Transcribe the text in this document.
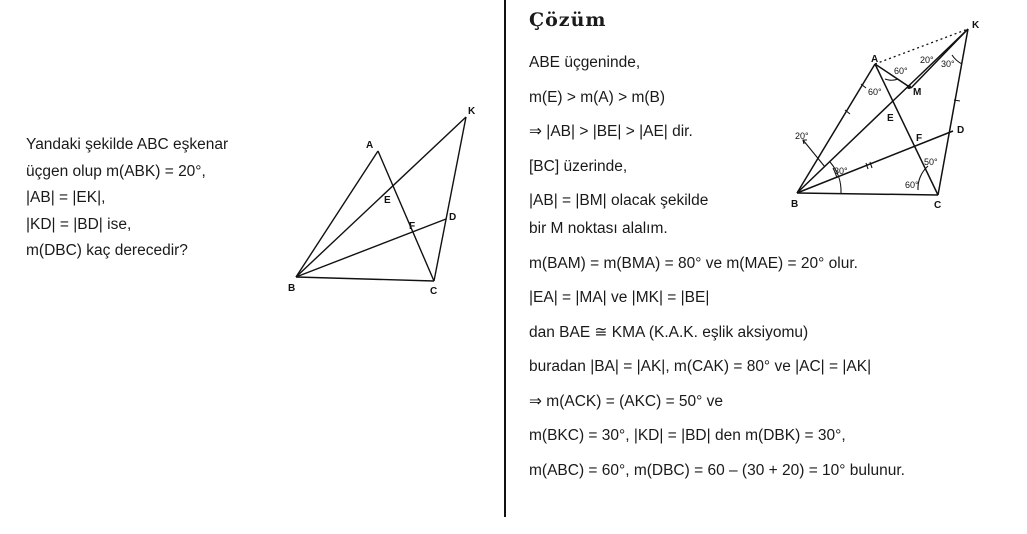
Yandaki şekilde ABC eşkenar
üçgen olup m(ABK) = 20°,
|AB| = |EK|,
|KD| = |BD| ise,
m(DBC) kaç derecedir?
A
B	C
D
E
F
K
Çözüm
ABE üçgeninde,
m(E) > m(A) > m(B)
⇒ |AB| > |BE| > |AE| dir.
[BC] üzerinde,
|AB| = |BM| olacak şekilde
bir M noktası alalım.
m(BAM) = m(BMA) = 80° ve m(MAE) = 20° olur.
|EA| = |MA| ve |MK| = |BE|
dan BAE ≅ KMA (K.A.K. eşlik aksiyomu)
buradan |BA| = |AK|, m(CAK) = 80° ve |AC| = |AK|
⇒ m(ACK) = (AKC) = 50° ve
m(BKC) = 30°, |KD| = |BD| den m(DBK) = 30°,
m(ABC) = 60°, m(DBC) = 60 – (30 + 20) = 10° bulunur.
A
B	C
D
E
F
K
M
60°
60°
20° 30°
20°
30°
50°
60°
